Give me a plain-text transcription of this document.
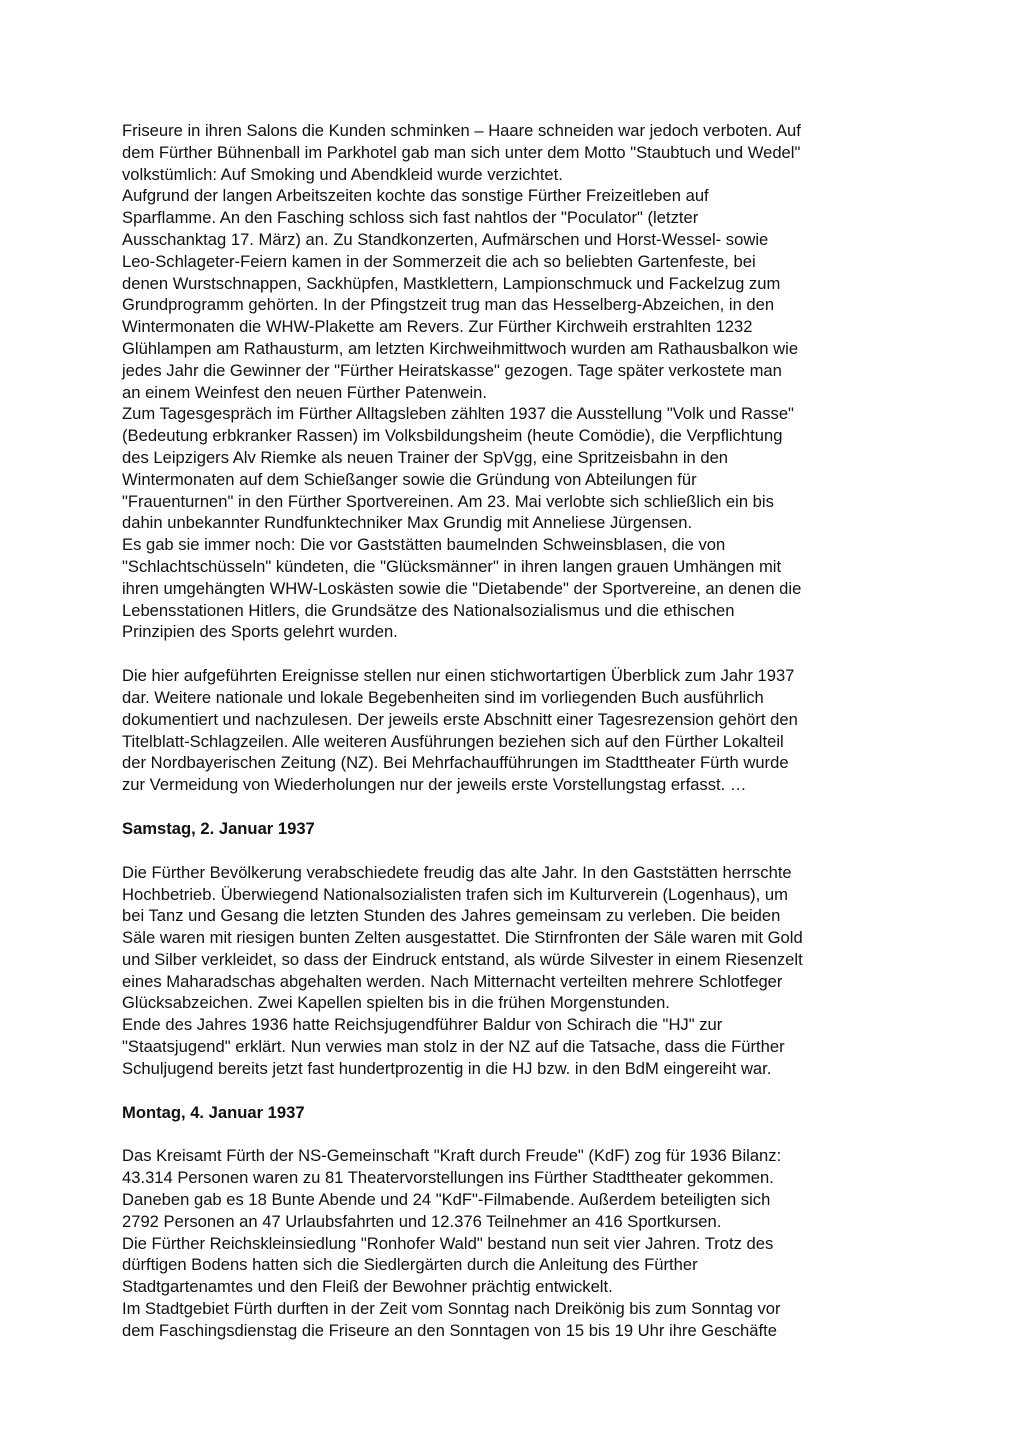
Friseure in ihren Salons die Kunden schminken – Haare schneiden war jedoch verboten. Auf
dem Fürther Bühnenball im Parkhotel gab man sich unter dem Motto "Staubtuch und Wedel"
volkstümlich: Auf Smoking und Abendkleid wurde verzichtet.
Aufgrund der langen Arbeitszeiten kochte das sonstige Fürther Freizeitleben auf
Sparflamme. An den Fasching schloss sich fast nahtlos der "Poculator" (letzter
Ausschanktag 17. März) an. Zu Standkonzerten, Aufmärschen und Horst-Wessel- sowie
Leo-Schlageter-Feiern kamen in der Sommerzeit die ach so beliebten Gartenfeste, bei
denen Wurstschnappen, Sackhüpfen, Mastklettern, Lampionschmuck und Fackelzug zum
Grundprogramm gehörten. In der Pfingstzeit trug man das Hesselberg-Abzeichen, in den
Wintermonaten die WHW-Plakette am Revers. Zur Fürther Kirchweih erstrahlten 1232
Glühlampen am Rathausturm, am letzten Kirchweihmittwoch wurden am Rathausbalkon wie
jedes Jahr die Gewinner der "Fürther Heiratskasse" gezogen. Tage später verkostete man
an einem Weinfest den neuen Fürther Patenwein.
Zum Tagesgespräch im Fürther Alltagsleben zählten 1937 die Ausstellung "Volk und Rasse"
(Bedeutung erbkranker Rassen) im Volksbildungsheim (heute Comödie), die Verpflichtung
des Leipzigers Alv Riemke als neuen Trainer der SpVgg, eine Spritzeisbahn in den
Wintermonaten auf dem Schießanger sowie die Gründung von Abteilungen für
"Frauenturnen" in den Fürther Sportvereinen. Am 23. Mai verlobte sich schließlich ein bis
dahin unbekannter Rundfunktechniker Max Grundig mit Anneliese Jürgensen.
Es gab sie immer noch: Die vor Gaststätten baumelnden Schweinsblasen, die von
"Schlachtschüsseln" kündeten, die "Glücksmänner" in ihren langen grauen Umhängen mit
ihren umgehängten WHW-Loskästen sowie die "Dietabende" der Sportvereine, an denen die
Lebensstationen Hitlers, die Grundsätze des Nationalsozialismus und die ethischen
Prinzipien des Sports gelehrt wurden.

Die hier aufgeführten Ereignisse stellen nur einen stichwortartigen Überblick zum Jahr 1937
dar. Weitere nationale und lokale Begebenheiten sind im vorliegenden Buch ausführlich
dokumentiert und nachzulesen. Der jeweils erste Abschnitt einer Tagesrezension gehört den
Titelblatt-Schlagzeilen. Alle weiteren Ausführungen beziehen sich auf den Fürther Lokalteil
der Nordbayerischen Zeitung (NZ). Bei Mehrfachaufführungen im Stadttheater Fürth wurde
zur Vermeidung von Wiederholungen nur der jeweils erste Vorstellungstag erfasst. …

Samstag, 2. Januar 1937

Die Fürther Bevölkerung verabschiedete freudig das alte Jahr. In den Gaststätten herrschte
Hochbetrieb. Überwiegend Nationalsozialisten trafen sich im Kulturverein (Logenhaus), um
bei Tanz und Gesang die letzten Stunden des Jahres gemeinsam zu verleben. Die beiden
Säle waren mit riesigen bunten Zelten ausgestattet. Die Stirnfronten der Säle waren mit Gold
und Silber verkleidet, so dass der Eindruck entstand, als würde Silvester in einem Riesenzelt
eines Maharadschas abgehalten werden. Nach Mitternacht verteilten mehrere Schlotfeger
Glücksabzeichen. Zwei Kapellen spielten bis in die frühen Morgenstunden.
Ende des Jahres 1936 hatte Reichsjugendführer Baldur von Schirach die "HJ" zur
"Staatsjugend" erklärt. Nun verwies man stolz in der NZ auf die Tatsache, dass die Fürther
Schuljugend bereits jetzt fast hundertprozentig in die HJ bzw. in den BdM eingereiht war.

Montag, 4. Januar 1937

Das Kreisamt Fürth der NS-Gemeinschaft "Kraft durch Freude" (KdF) zog für 1936 Bilanz:
43.314 Personen waren zu 81 Theatervorstellungen ins Fürther Stadttheater gekommen.
Daneben gab es 18 Bunte Abende und 24 "KdF"-Filmabende. Außerdem beteiligten sich
2792 Personen an 47 Urlaubsfahrten und 12.376 Teilnehmer an 416 Sportkursen.
Die Fürther Reichskleinsiedlung "Ronhofer Wald" bestand nun seit vier Jahren. Trotz des
dürftigen Bodens hatten sich die Siedlergärten durch die Anleitung des Fürther
Stadtgartenamtes und den Fleiß der Bewohner prächtig entwickelt.
Im Stadtgebiet Fürth durften in der Zeit vom Sonntag nach Dreikönig bis zum Sonntag vor
dem Faschingsdienstag die Friseure an den Sonntagen von 15 bis 19 Uhr ihre Geschäfte
